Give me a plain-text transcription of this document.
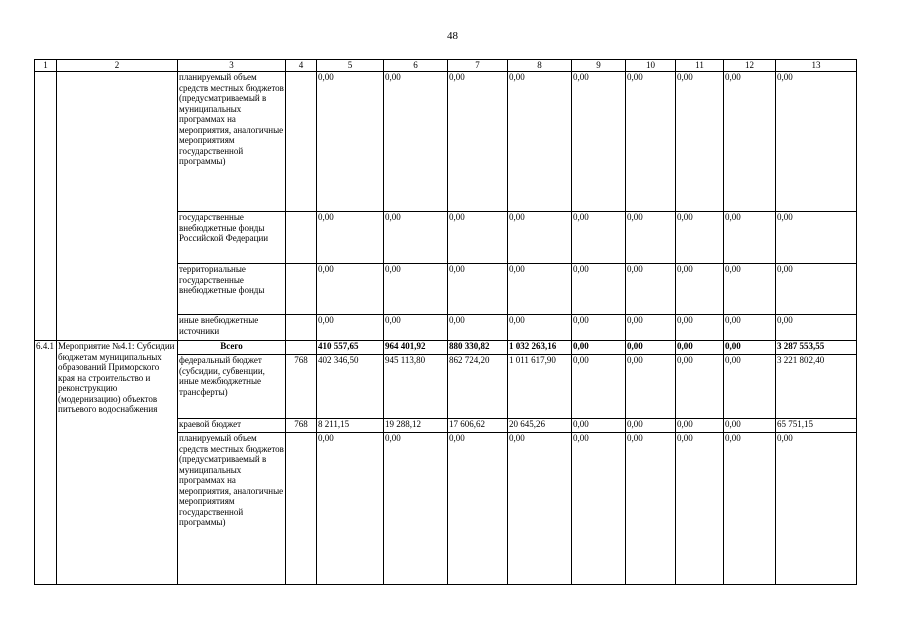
48
1	2	3	4	5	6	7	8	9	10	11	12	13
		планируемый объем средств местных бюджетов (предусматриваемый в муниципальных программах на мероприятия, аналогичные мероприятиям государственной программы)		0,00	0,00	0,00	0,00	0,00	0,00	0,00	0,00	0,00
		государственные внебюджетные фонды Российской Федерации		0,00	0,00	0,00	0,00	0,00	0,00	0,00	0,00	0,00
		территориальные государственные внебюджетные фонды		0,00	0,00	0,00	0,00	0,00	0,00	0,00	0,00	0,00
		иные внебюджетные источники		0,00	0,00	0,00	0,00	0,00	0,00	0,00	0,00	0,00
6.4.1	Мероприятие №4.1: Субсидии бюджетам муниципальных образований Приморского края на строительство и реконструкцию (модернизацию) объектов питьевого водоснабжения	Всего		410 557,65	964 401,92	880 330,82	1 032 263,16	0,00	0,00	0,00	0,00	3 287 553,55
		федеральный бюджет (субсидии, субвенции, иные межбюджетные трансферты)	768	402 346,50	945 113,80	862 724,20	1 011 617,90	0,00	0,00	0,00	0,00	3 221 802,40
		краевой бюджет	768	8 211,15	19 288,12	17 606,62	20 645,26	0,00	0,00	0,00	0,00	65 751,15
		планируемый объем средств местных бюджетов (предусматриваемый в муниципальных программах на мероприятия, аналогичные мероприятиям государственной программы)		0,00	0,00	0,00	0,00	0,00	0,00	0,00	0,00	0,00
